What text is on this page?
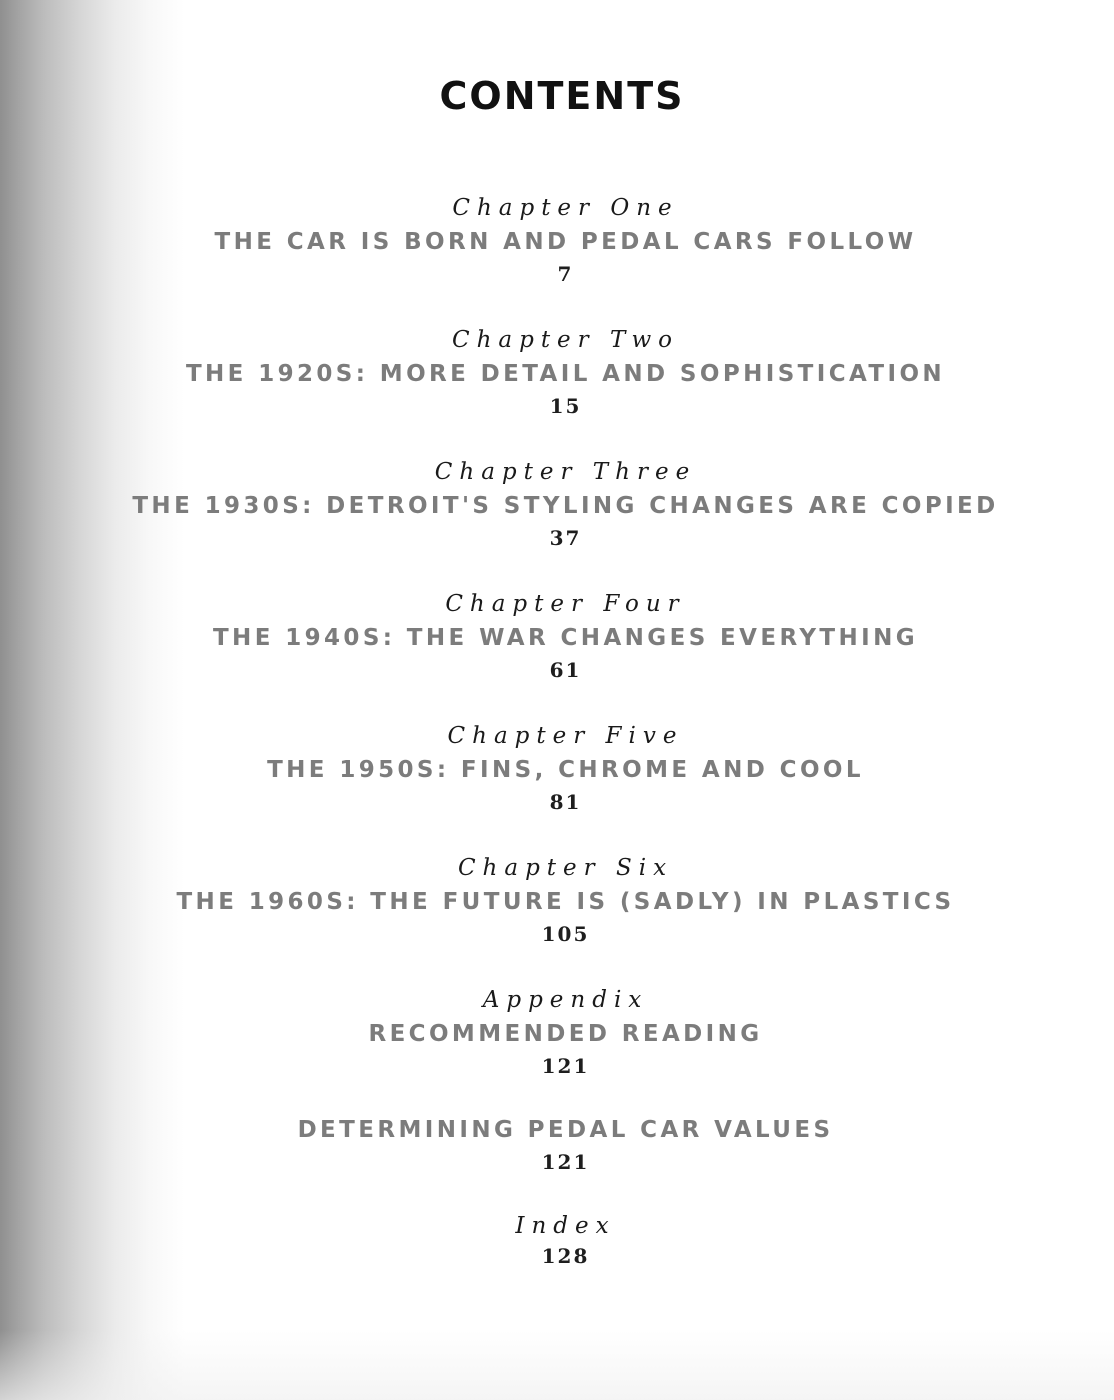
CONTENTS
Chapter One
THE CAR IS BORN AND PEDAL CARS FOLLOW
7
Chapter Two
THE 1920S: MORE DETAIL AND SOPHISTICATION
15
Chapter Three
THE 1930S: DETROIT'S STYLING CHANGES ARE COPIED
37
Chapter Four
THE 1940S: THE WAR CHANGES EVERYTHING
61
Chapter Five
THE 1950S: FINS, CHROME AND COOL
81
Chapter Six
THE 1960S: THE FUTURE IS (SADLY) IN PLASTICS
105
Appendix
RECOMMENDED READING
121
DETERMINING PEDAL CAR VALUES
121
Index
128
